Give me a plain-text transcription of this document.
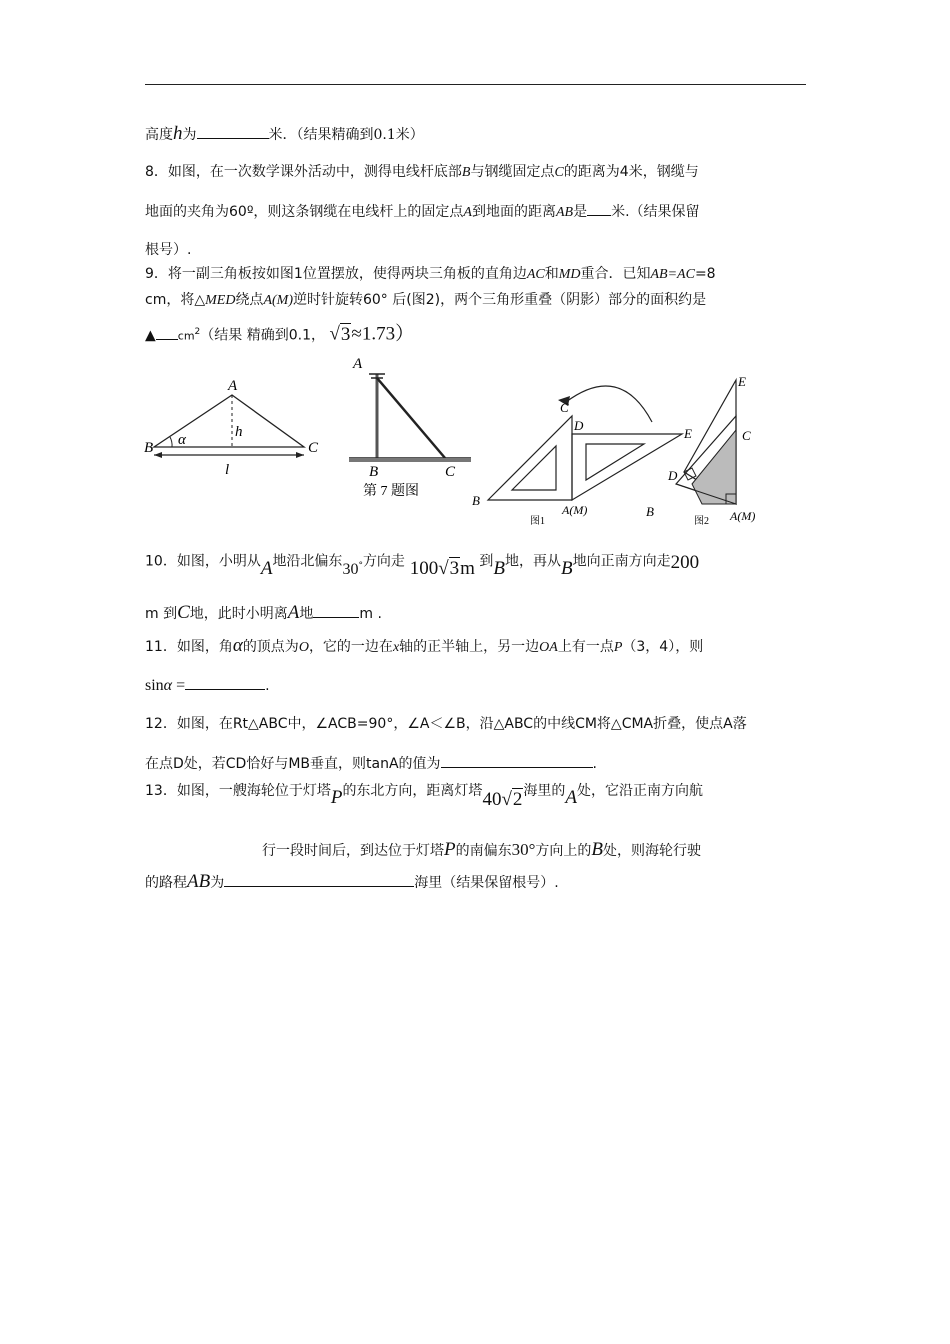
高度h为	米．（结果精确到0.1米）
8．如图，在一次数学课外活动中，测得电线杆底部B与钢缆固定点C的距离为4米，钢缆与
地面的夹角为60º，则这条钢缆在电线杆上的固定点A到地面的距离AB是 米.（结果保留
根号）.
9．将一副三角板按如图1位置摆放，使得两块三角板的直角边AC和MD重合．已知AB=AC=8
cm，将△MED绕点A(M)逆时针旋转60° 后(图2)，两个三角形重叠（阴影）部分的面积约是
▲ $cm^2$（结果 精确到0.1， √3≈1.73）
A
B	C
h
α
l
A
B	C
第 7 题图
C
D
E
B
A(M)
图1
E
C
D
B	A(M)
图2
10．如图，小明从A地沿北偏东30°方向走 100√3m 到B地，再从B地向正南方向走200
m 到C地，此时小明离A地	m .
11．如图，角α的顶点为O，它的一边在x轴的正半轴上，另一边OA上有一点P（3，4），则
sinα =	.
12．如图，在Rt△ABC中，∠ACB=90°，∠A＜∠B，沿△ABC的中线CM将△CMA折叠，使点A落
在点D处，若CD恰好与MB垂直，则tanA的值为	.
13．如图，一艘海轮位于灯塔P的东北方向，距离灯塔40√2海里的A处，它沿正南方向航
行一段时间后，到达位于灯塔P的南偏东30°方向上的B处，则海轮行驶
的路程AB为	海里（结果保留根号）.
